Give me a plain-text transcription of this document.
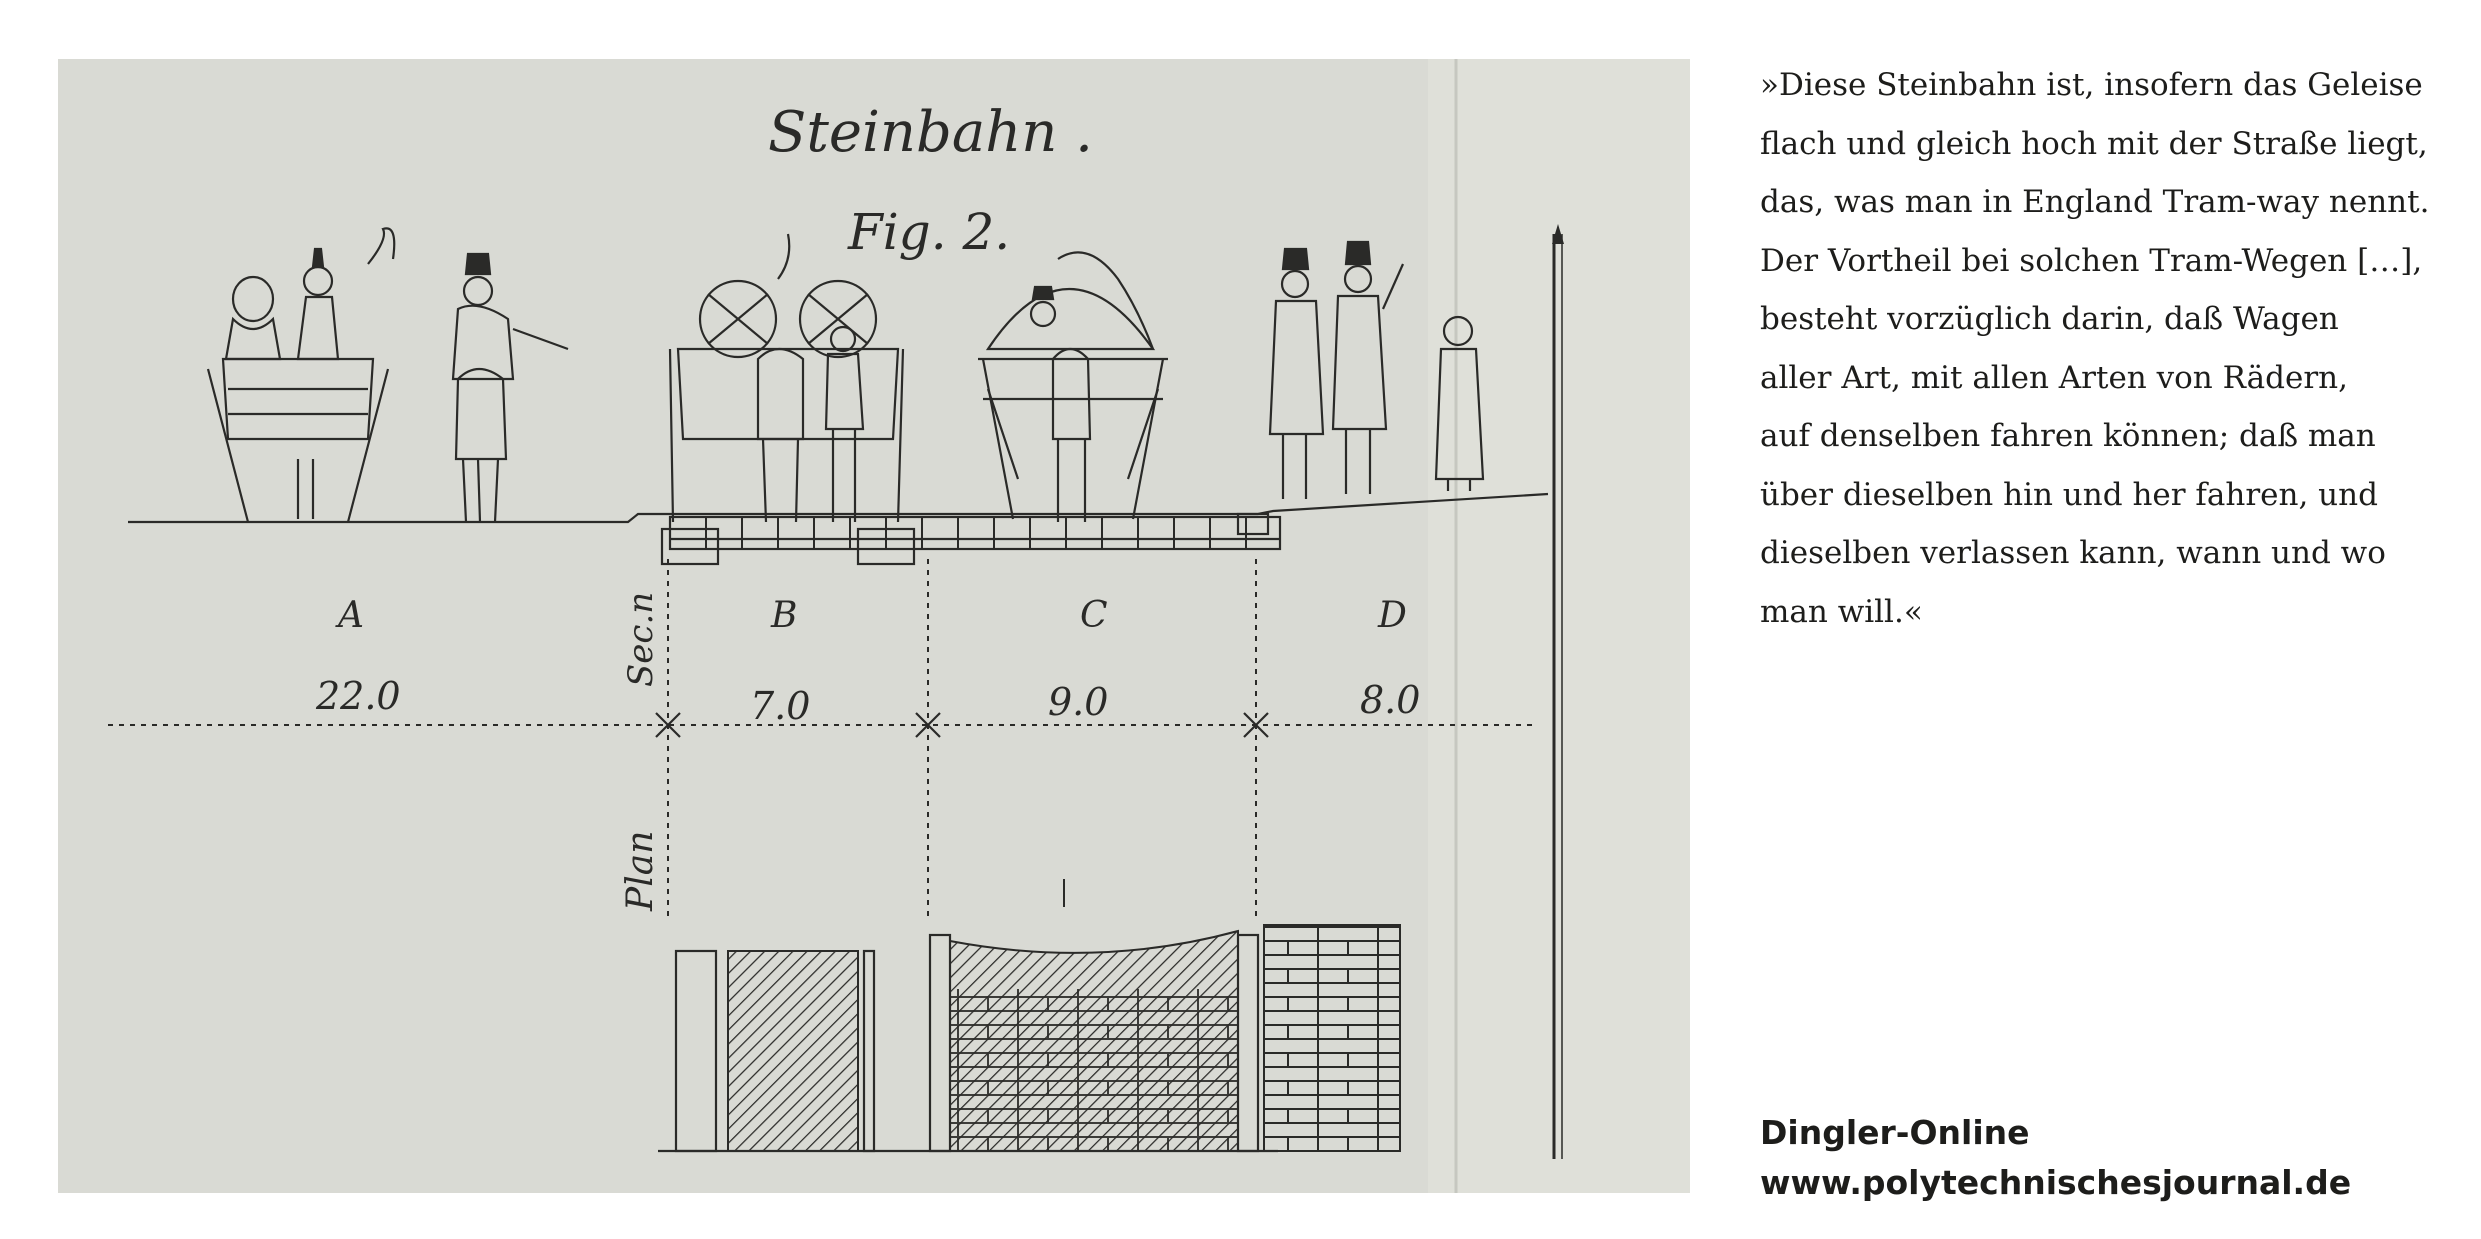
Steinbahn .
Fig. 2.
A	B	C	D
22.0	7.0	9.0	8.0
Sec.n
Plan
»Diese Steinbahn ist, insofern das Geleise
flach und gleich hoch mit der Straße liegt,
das, was man in England Tram-way nennt.
Der Vortheil bei solchen Tram-Wegen […],
besteht vorzüglich darin, daß Wagen
aller Art, mit allen Arten von Rädern,
auf denselben fahren können; daß man
über dieselben hin und her fahren, und
dieselben verlassen kann, wann und wo
man will.«
Dingler-Online
www.polytechnischesjournal.de
